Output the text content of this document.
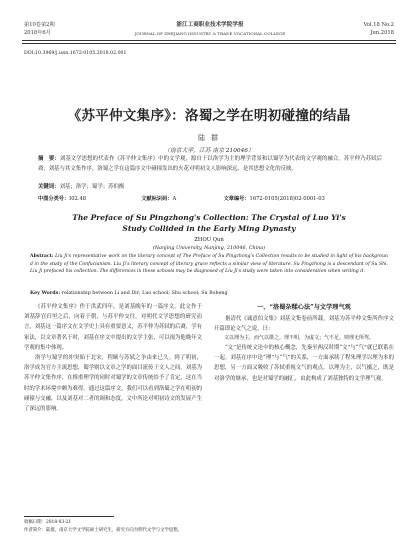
第10卷第2期
2018年6月
浙江工商职业技术学院学报
JOURNAL OF ZHEJIANG INDUSTRY & TRADE VOCATIONAL COLLEGE
Vol.18 No.2
Jun.2018
DOI:10.3969/j.issn.1672-0105.2018.02.001
《苏平仲文集序》：洛蜀之学在明初碰撞的结晶
陆 群
（南京大学，江苏 南京 210046）
摘　要：刘基文学思想的代表作《苏平仲文集序》中的文学观，源自于以洛学为主的理学背景和以蜀学为代表的文学观的融合。苏平仲乃苏轼后裔，刘基与其文集作序，洛蜀之学在这篇序文中碰撞发出的火花对明初文人影响深远，是其思想文化的反映。
关键词：刘基；洛学；蜀学；苏伯衡
中图分类号：I02.48	文献标识码：A	文章编号：1672-0105(2018)02-0001-03
The Preface of Su Pingzhong's Collection: The Crystal of Luo Yi's Study Collided in the Early Ming Dynasty
ZHOU Qun
(Nanjing University, Nanjing, 210046, China)
Abstract: Liu Ji's representative work on the literary concept of The Preface of Su Pingzhong's Collection results to be studied in light of his background in the study of the Confucianism. Liu Ji's literary concept of literary grace reflects a similar view of literature. Su Pingzhong is a descendant of Su Shi. Liu Ji prefaced his collection. The differences in these schools may be diagnosed of Liu Ji's study were taken into consideration when writing it.
Key Words: relationship between Li and Dir; Luo school; Shu school; Su Boheng

《苏平仲文集序》作于洪武四年，是刘基晚年的一篇序文。此文作于刘基辞官归里之后，向着于朝，与苏平仲交往。对明代文学思想的研究而言，刘基这一篇序文在文学史上具有重要意义，苏平仲为苏轼的后裔，学有家法，以文章著名于时，刘基在序文中提出的文学主张，可以视为他晚年文学观的集中体现。

洛学与蜀学的冲突始于北宋，程颐与苏轼之争由来已久。到了明初，洛学成为官方主流思想，蜀学则以文章之学的面目流传于文人之间。刘基为苏平仲文集作序，在推重理学的同时对蜀学的文章传统给予了肯定，这在当时的学术环境中颇为难得。通过这篇序文，我们可以看到洛蜀之学在明初的碰撞与交融，以及刘基对二者的调和态度，文中所论对明初诗文的发展产生了深远的影响。

一、“洛蜀杂糅心法”与文学理气观

据清代《诚意伯文集》刘基文集卷前所载，刘基为苏平仲文集所作序文开篇即论文气之说，曰：

文以理为主，而气以摄之。理不明，为虚文；气不足，则理无所驾。

“文”是传统文论中的核心概念，先秦至两汉时期“文”与“气”就已联系在一起。刘基在序中论“理”与“气”的关系，一方面承续了程朱理学以理为本的思想，另一方面又吸收了苏轼重视文气的观点。以理为主，以气摄之，既是对洛学的继承，也是对蜀学的融汇，由此构成了刘基独特的文学理气观。

收稿日期：2018-03-21
作者简介：陆群，南京大学文学院硕士研究生，研究方向为明代文学与文学思想。
